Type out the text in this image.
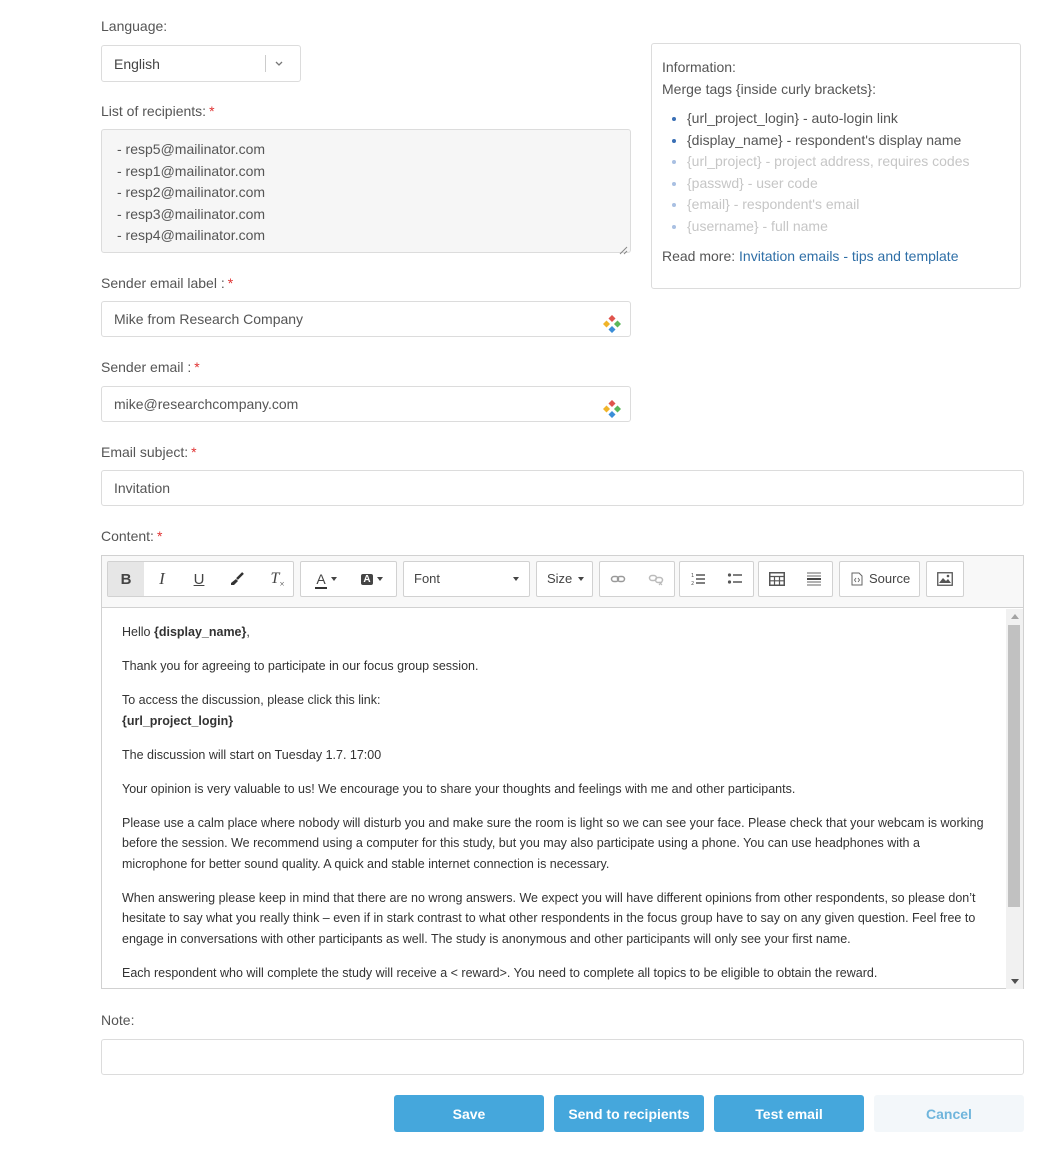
Language:
English
List of recipients: *
- resp5@mailinator.com
- resp1@mailinator.com
- resp2@mailinator.com
- resp3@mailinator.com
- resp4@mailinator.com
Information:
Merge tags {inside curly brackets}:
• {url_project_login} - auto-login link
• {display_name} - respondent's display name
• {url_project} - project address, requires codes
• {passwd} - user code
• {email} - respondent's email
• {username} - full name
Read more: Invitation emails - tips and template
Sender email label : *
Mike from Research Company
Sender email : *
mike@researchcompany.com
Email subject: *
Invitation
Content: *
B I U	T × A	A	Font	Size	1
2	Source

Hello {display_name},

Thank you for agreeing to participate in our focus group session.

To access the discussion, please click this link:
{url_project_login}

The discussion will start on Tuesday 1.7. 17:00

Your opinion is very valuable to us! We encourage you to share your thoughts and feelings with me and other participants.

Please use a calm place where nobody will disturb you and make sure the room is light so we can see your face. Please check that your webcam is working before the session. We recommend using a computer for this study, but you may also participate using a phone. You can use headphones with a microphone for better sound quality. A quick and stable internet connection is necessary.

When answering please keep in mind that there are no wrong answers. We expect you will have different opinions from other respondents, so please don’t hesitate to say what you really think – even if in stark contrast to what other respondents in the focus group have to say on any given question. Feel free to engage in conversations with other participants as well. The study is anonymous and other participants will only see your first name.

Each respondent who will complete the study will receive a < reward>. You need to complete all topics to be eligible to obtain the reward.

Note:
Save	Send to recipients	Test email	Cancel
